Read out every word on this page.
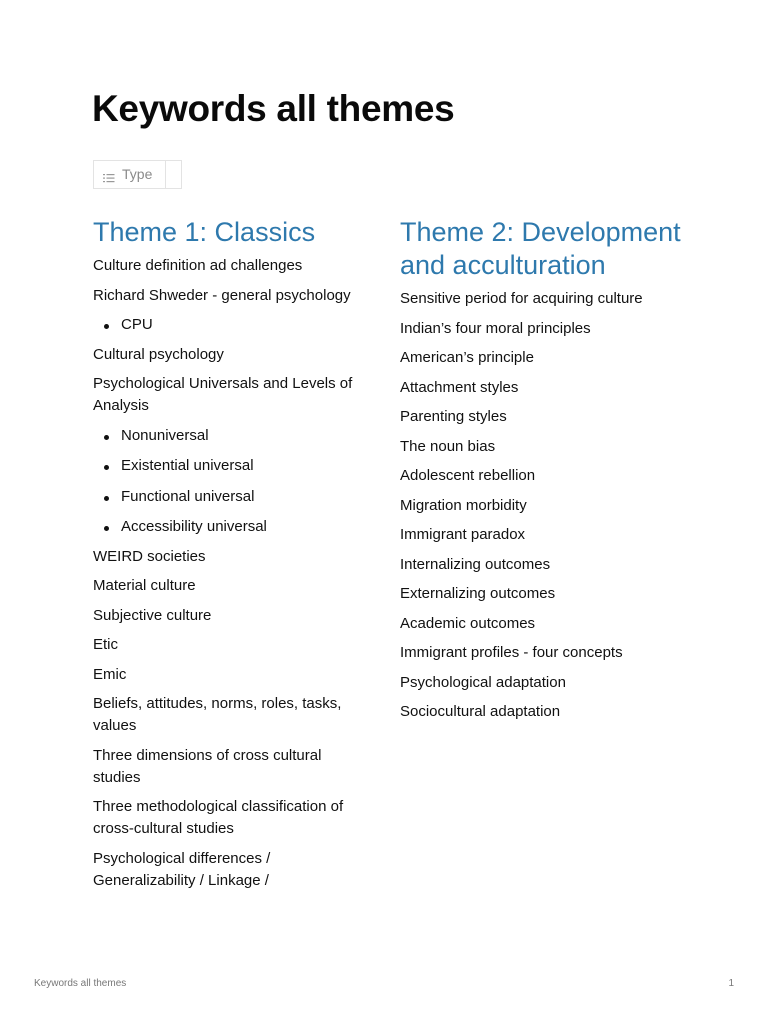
Keywords all themes
Type
Theme 1: Classics
Culture definition ad challenges
Richard Shweder - general psychology
CPU
Cultural psychology
Psychological Universals and Levels of Analysis
Nonuniversal
Existential universal
Functional universal
Accessibility universal
WEIRD societies
Material culture
Subjective culture
Etic
Emic
Beliefs, attitudes, norms, roles, tasks, values
Three dimensions of cross cultural studies
Three methodological classification of cross-cultural studies
Psychological differences / Generalizability / Linkage /
Theme 2: Development and acculturation
Sensitive period for acquiring culture
Indian’s four moral principles
American’s principle
Attachment styles
Parenting styles
The noun bias
Adolescent rebellion
Migration morbidity
Immigrant paradox
Internalizing outcomes
Externalizing outcomes
Academic outcomes
Immigrant profiles - four concepts
Psychological adaptation
Sociocultural adaptation
Keywords all themes	1
